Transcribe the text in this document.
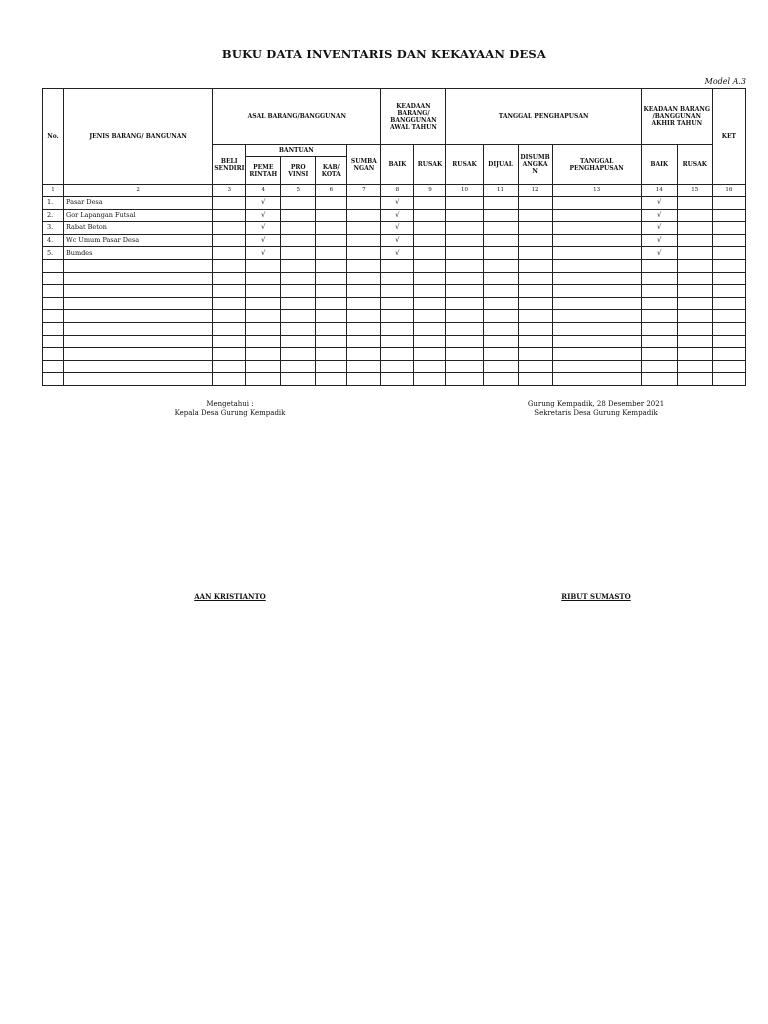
BUKU DATA INVENTARIS DAN KEKAYAAN DESA
Model A.3
No.	JENIS BARANG/ BANGUNAN	ASAL BARANG/BANGGUNAN					KEADAAN BARANG/ BANGGUNAN AWAL TAHUN		TANGGAL PENGHAPUSAN				KEADAAN BARANG /BANGGUNAN AKHIR TAHUN		KET
		BELI SENDIRI	BANTUAN			SUMBA NGAN	BAIK	RUSAK	RUSAK	DIJUAL	DISUMB ANGKA N	TANGGAL PENGHAPUSAN	BAIK	RUSAK	
			PEME RINTAH	PRO VINSI	KAB/ KOTA										
1	2	3	4	5	6	7	8	9	10	11	12	13	14	15	16
1.	Pasar Desa		√				√						√		
2.	Gor Lapangan Futsal		√				√						√		
3.	Rabat Beton		√				√						√		
4.	Wc Umum Pasar Desa		√				√						√		
5.	Bumdes		√				√						√		

Mengetahui :
Kepala Desa Gurung Kempadik
Gurung Kempadik, 28 Desember 2021
Sekretaris Desa Gurung Kempadik
AAN KRISTIANTO	RIBUT SUMASTO
